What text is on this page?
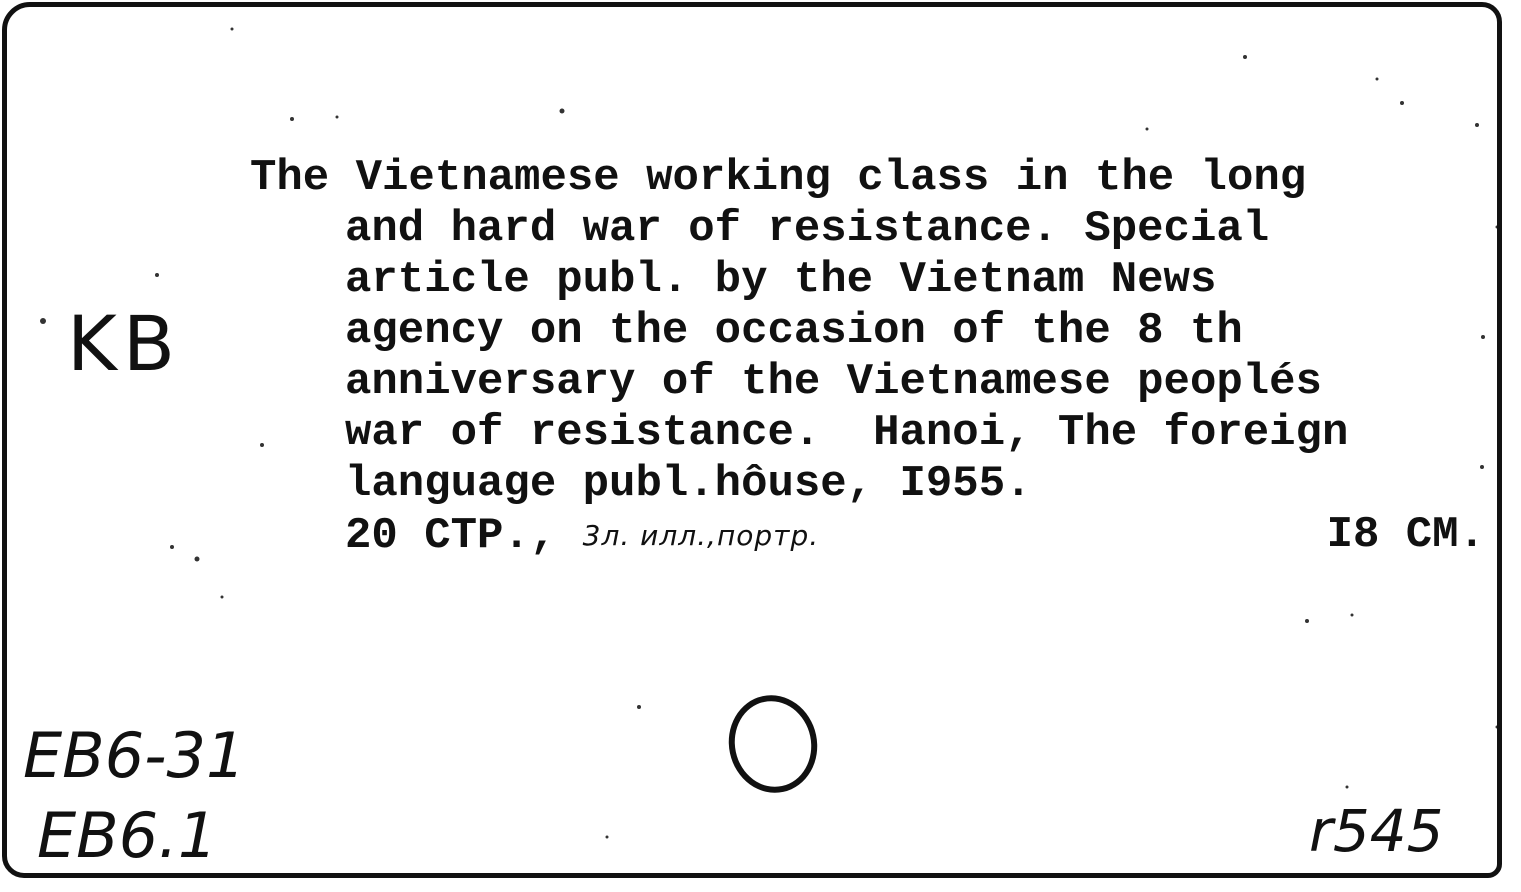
The Vietnamese working class in the long
and hard war of resistance. Special
article publ. by the Vietnam News
agency on the occasion of the 8 th
anniversary of the Vietnamese peoplés
war of resistance.  Hanoi, The foreign
language publ.hôuse, I955.
20 CTP., 3л. илл.,портр.	I8 CM.
KB
EB6-31
EB6.1	r545
